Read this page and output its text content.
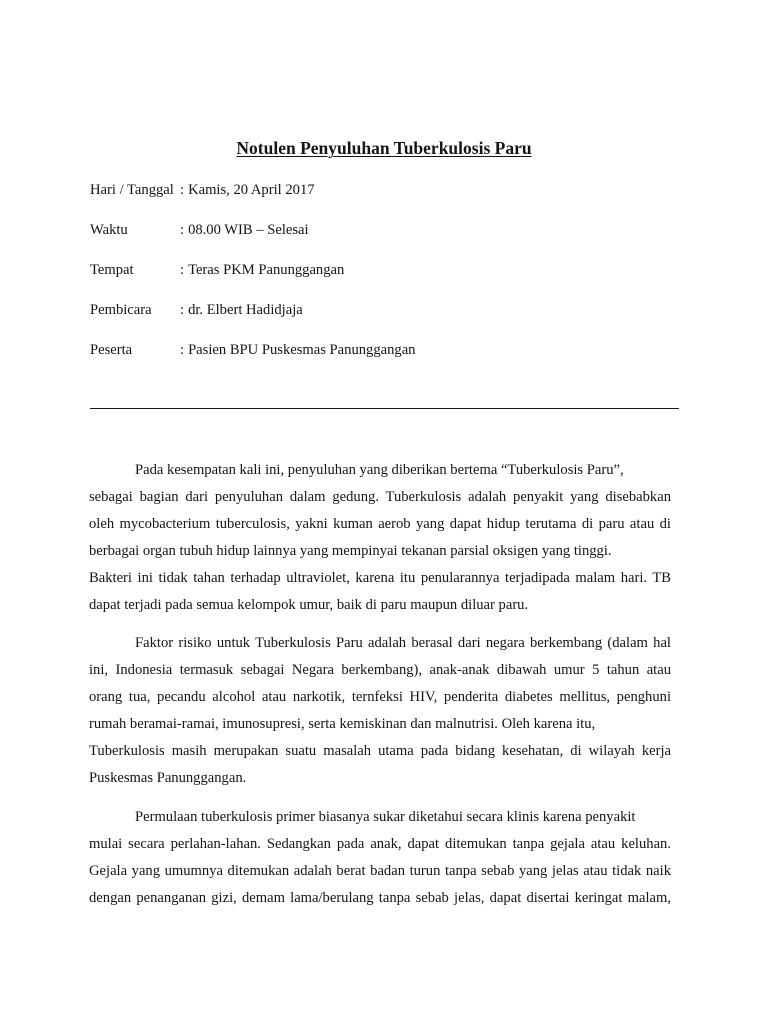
Notulen Penyuluhan Tuberkulosis Paru
Hari / Tanggal : Kamis, 20 April 2017
Waktu	: 08.00 WIB – Selesai
Tempat	: Teras PKM Panunggangan
Pembicara : dr. Elbert Hadidjaja
Peserta	: Pasien BPU Puskesmas Panunggangan
Pada kesempatan kali ini, penyuluhan yang diberikan bertema “Tuberkulosis Paru”,
sebagai bagian dari penyuluhan dalam gedung. Tuberkulosis adalah penyakit yang disebabkan
oleh mycobacterium tuberculosis, yakni kuman aerob yang dapat hidup terutama di paru atau di
berbagai organ tubuh hidup lainnya yang mempinyai tekanan parsial oksigen yang tinggi.
Bakteri ini tidak tahan terhadap ultraviolet, karena itu penularannya terjadipada malam hari. TB
dapat terjadi pada semua kelompok umur, baik di paru maupun diluar paru.
Faktor risiko untuk Tuberkulosis Paru adalah berasal dari negara berkembang (dalam hal
ini, Indonesia termasuk sebagai Negara berkembang), anak-anak dibawah umur 5 tahun atau
orang tua, pecandu alcohol atau narkotik, ternfeksi HIV, penderita diabetes mellitus, penghuni
rumah beramai-ramai, imunosupresi, serta kemiskinan dan malnutrisi. Oleh karena itu,
Tuberkulosis masih merupakan suatu masalah utama pada bidang kesehatan, di wilayah kerja
Puskesmas Panunggangan.
Permulaan tuberkulosis primer biasanya sukar diketahui secara klinis karena penyakit
mulai secara perlahan-lahan. Sedangkan pada anak, dapat ditemukan tanpa gejala atau keluhan.
Gejala yang umumnya ditemukan adalah berat badan turun tanpa sebab yang jelas atau tidak naik
dengan penanganan gizi, demam lama/berulang tanpa sebab jelas, dapat disertai keringat malam,
